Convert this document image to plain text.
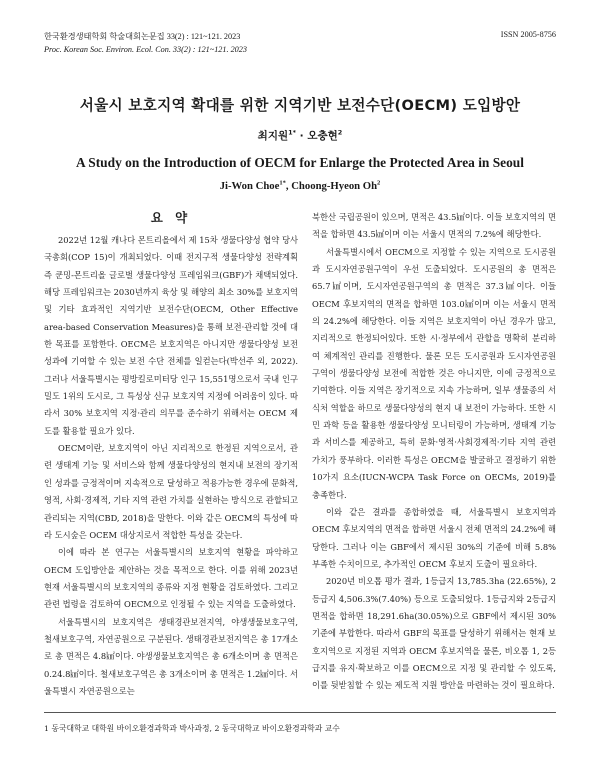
한국환경생태학회 학술대회논문집 33(2) : 121~121. 2023
Proc. Korean Soc. Environ. Ecol. Con. 33(2) : 121~121. 2023
ISSN 2005-8756
서울시 보호지역 확대를 위한 지역기반 보전수단(OECM) 도입방안
최지원$^{1*}$ · 오충현$^2$
A Study on the Introduction of OECM for Enlarge the Protected Area in Seoul
Ji-Won Choe$^{1*}$, Choong-Hyeon Oh$^2$
요 약

2022년 12월 캐나다 몬트리올에서 제 15차 생물다양성 협약 당사국총회(COP 15)이 개최되었다. 이때 전지구적 생물다양성 전략계획 즉 쿤밍-몬트리올 글로벌 생물다양성 프레임워크(GBF)가 채택되었다. 해당 프레임워크는 2030년까지 육상 및 해양의 최소 30%를 보호지역 및 기타 효과적인 지역기반 보전수단(OECM, Other Effective area-based Conservation Measures)을 통해 보전·관리할 것에 대한 목표를 포함한다. OECM은 보호지역은 아니지만 생물다양성 보전 성과에 기여할 수 있는 보전 수단 전체를 일컫는다(박선주 외, 2022). 그러나 서울특별시는 평방킬로미터당 인구 15,551명으로서 국내 인구 밀도 1위의 도시로, 그 특성상 신규 보호지역 지정에 어려움이 있다. 따라서 30% 보호지역 지정·관리 의무를 준수하기 위해서는 OECM 제도를 활용할 필요가 있다.

OECM이란, 보호지역이 아닌 지리적으로 한정된 지역으로서, 관련 생태계 기능 및 서비스와 함께 생물다양성의 현지내 보전의 장기적인 성과를 긍정적이며 지속적으로 달성하고 적용가능한 경우에 문화적, 영적, 사회·경제적, 기타 지역 관련 가치를 실현하는 방식으로 관할되고 관리되는 지역(CBD, 2018)을 말한다. 이와 같은 OECM의 특성에 따라 도시숲은 OCEM 대상지로서 적합한 특성을 갖는다.

이에 따라 본 연구는 서울특별시의 보호지역 현황을 파악하고 OECM 도입방안을 제안하는 것을 목적으로 한다. 이를 위해 2023년 현재 서울특별시의 보호지역의 종류와 지정 현황을 검토하였다. 그리고 관련 법령을 검토하여 OECM으로 인정될 수 있는 지역을 도출하였다.

서울특별시의 보호지역은 생태경관보전지역, 야생생물보호구역, 철새보호구역, 자연공원으로 구분된다. 생태경관보전지역은 총 17개소로 총 면적은 4.8㎢이다. 야생생물보호지역은 총 6개소이며 총 면적은 0.24.8㎢이다. 철새보호구역은 총 3개소이며 총 면적은 1.2㎢이다. 서울특별시 자연공원으로는

북한산 국립공원이 있으며, 면적은 43.5㎢이다. 이들 보호지역의 면적을 합하면 43.5㎢이며 이는 서울시 면적의 7.2%에 해당한다.

서울특별시에서 OECM으로 지정할 수 있는 지역으로 도시공원과 도시자연공원구역이 우선 도출되었다. 도시공원의 총 면적은 65.7㎢이며, 도시자연공원구역의 총 면적은 37.3㎢이다. 이들 OECM 후보지역의 면적을 합하면 103.0㎢이며 이는 서울시 면적의 24.2%에 해당한다. 이들 지역은 보호지역이 아닌 경우가 많고, 지리적으로 한정되어있다. 또한 시·정부에서 관할을 명확히 분리하여 체계적인 관리를 진행한다. 물론 모든 도시공원과 도시자연공원구역이 생물다양성 보전에 적합한 것은 아니지만, 이에 긍정적으로 기여한다. 이들 지역은 장기적으로 지속 가능하며, 일부 생물종의 서식처 역할을 하므로 생물다양성의 현지 내 보전이 가능하다. 또한 시민 과학 등을 활용한 생물다양성 모니터링이 가능하며, 생태계 기능과 서비스를 제공하고, 특히 문화·영적·사회경제적·기타 지역 관련 가치가 풍부하다. 이러한 특성은 OECM을 발굴하고 결정하기 위한 10가지 요소(IUCN-WCPA Task Force on OECMs, 2019)를 충족한다.

이와 같은 결과를 종합하였을 때, 서울특별시 보호지역과 OECM 후보지역의 면적을 합하면 서울시 전체 면적의 24.2%에 해당한다. 그러나 이는 GBF에서 제시된 30%의 기준에 비해 5.8% 부족한 수치이므로, 추가적인 OECM 후보지 도출이 필요하다.

2020년 비오톱 평가 결과, 1등급지 13,785.3ha (22.65%), 2등급지 4,506.3%(7.40%) 등으로 도출되었다. 1등급지와 2등급지 면적을 합하면 18,291.6ha(30.05%)으로 GBF에서 제시된 30% 기준에 부합한다. 따라서 GBF의 목표를 달성하기 위해서는 현재 보호지역으로 지정된 지역과 OECM 후보지역을 물론, 비오톱 1, 2등급지를 유지·확보하고 이를 OECM으로 지정 및 관리할 수 있도록, 이를 뒷받침할 수 있는 제도적 지원 방안을 마련하는 것이 필요하다.

1 동국대학교 대학원 바이오환경과학과 박사과정, 2 동국대학교 바이오환경과학과 교수
